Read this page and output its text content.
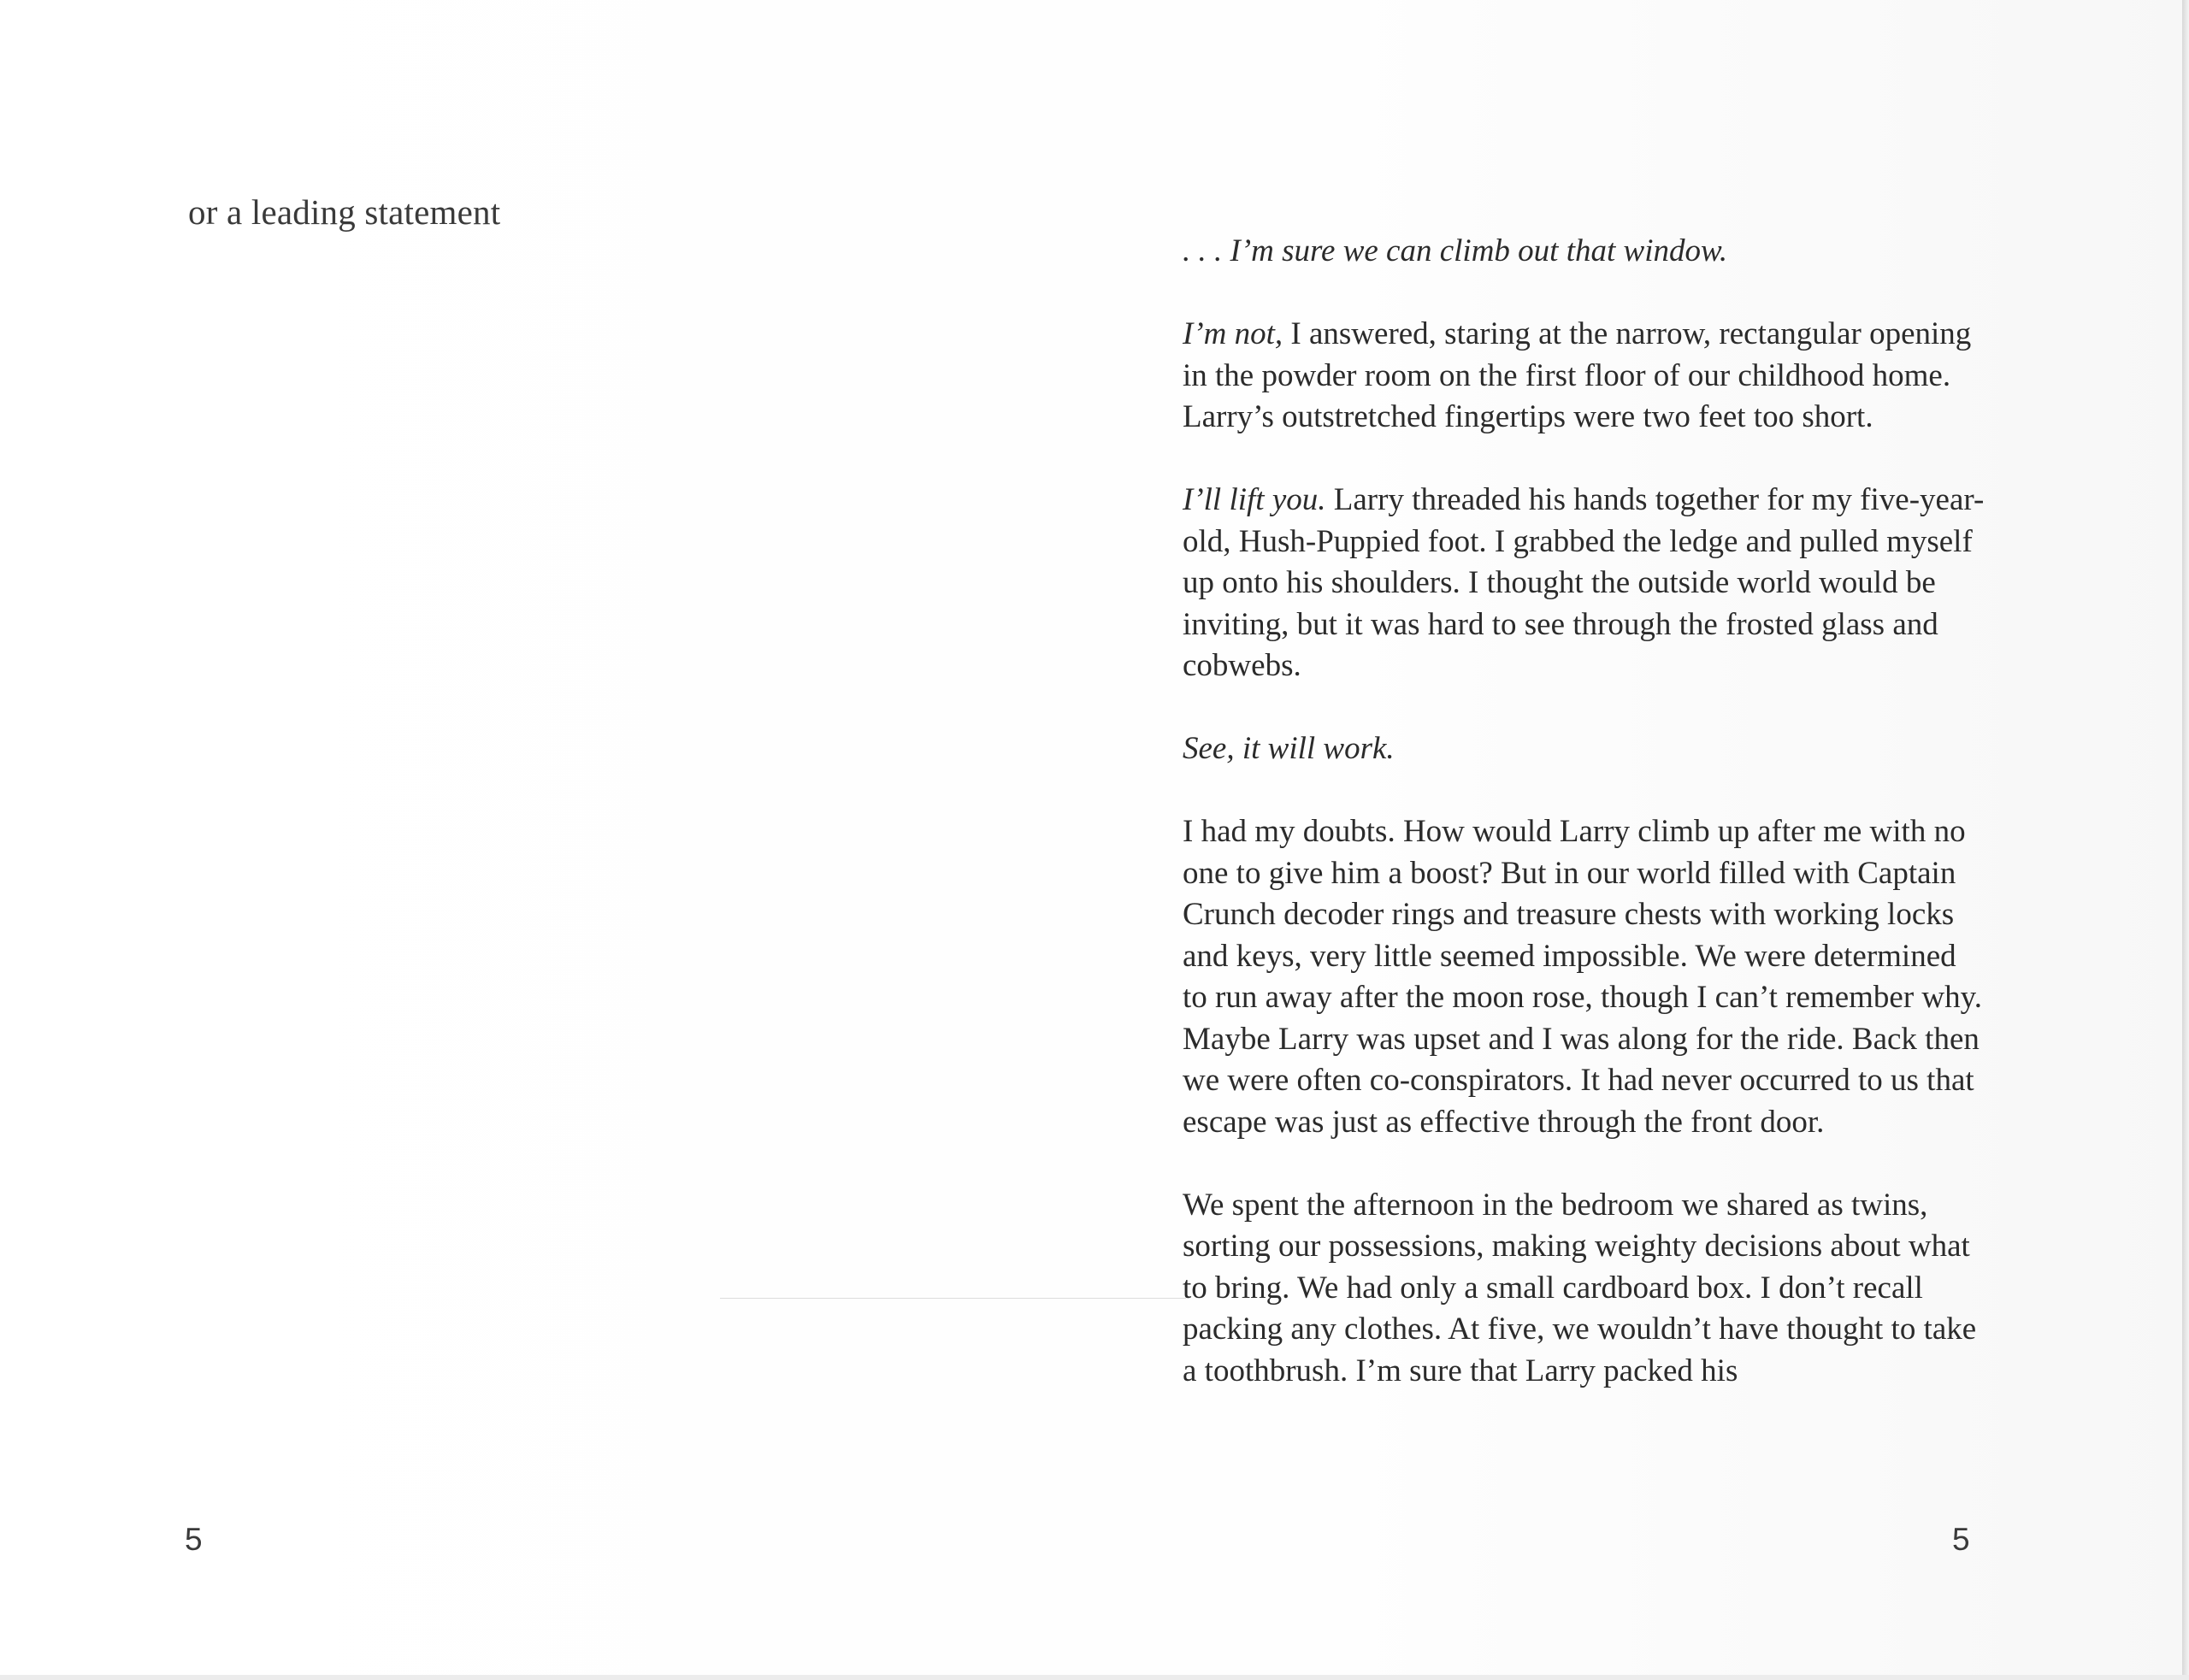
or a leading statement
5

. . . I’m sure we can climb out that window.

I’m not, I answered, staring at the narrow, rectangular opening in the powder room on the first floor of our childhood home. Larry’s outstretched fingertips were two feet too short.

I’ll lift you. Larry threaded his hands together for my five-year-old, Hush-Puppied foot. I grabbed the ledge and pulled myself up onto his shoulders. I thought the outside world would be inviting, but it was hard to see through the frosted glass and cobwebs.

See, it will work.

I had my doubts. How would Larry climb up after me with no one to give him a boost? But in our world filled with Captain Crunch decoder rings and treasure chests with working locks and keys, very little seemed impossible. We were determined to run away after the moon rose, though I can’t remember why. Maybe Larry was upset and I was along for the ride. Back then we were often co-conspirators. It had never occurred to us that escape was just as effective through the front door.

We spent the afternoon in the bedroom we shared as twins, sorting our possessions, making weighty decisions about what to bring. We had only a small cardboard box. I don’t recall packing any clothes. At five, we wouldn’t have thought to take a toothbrush. I’m sure that Larry packed his

5
